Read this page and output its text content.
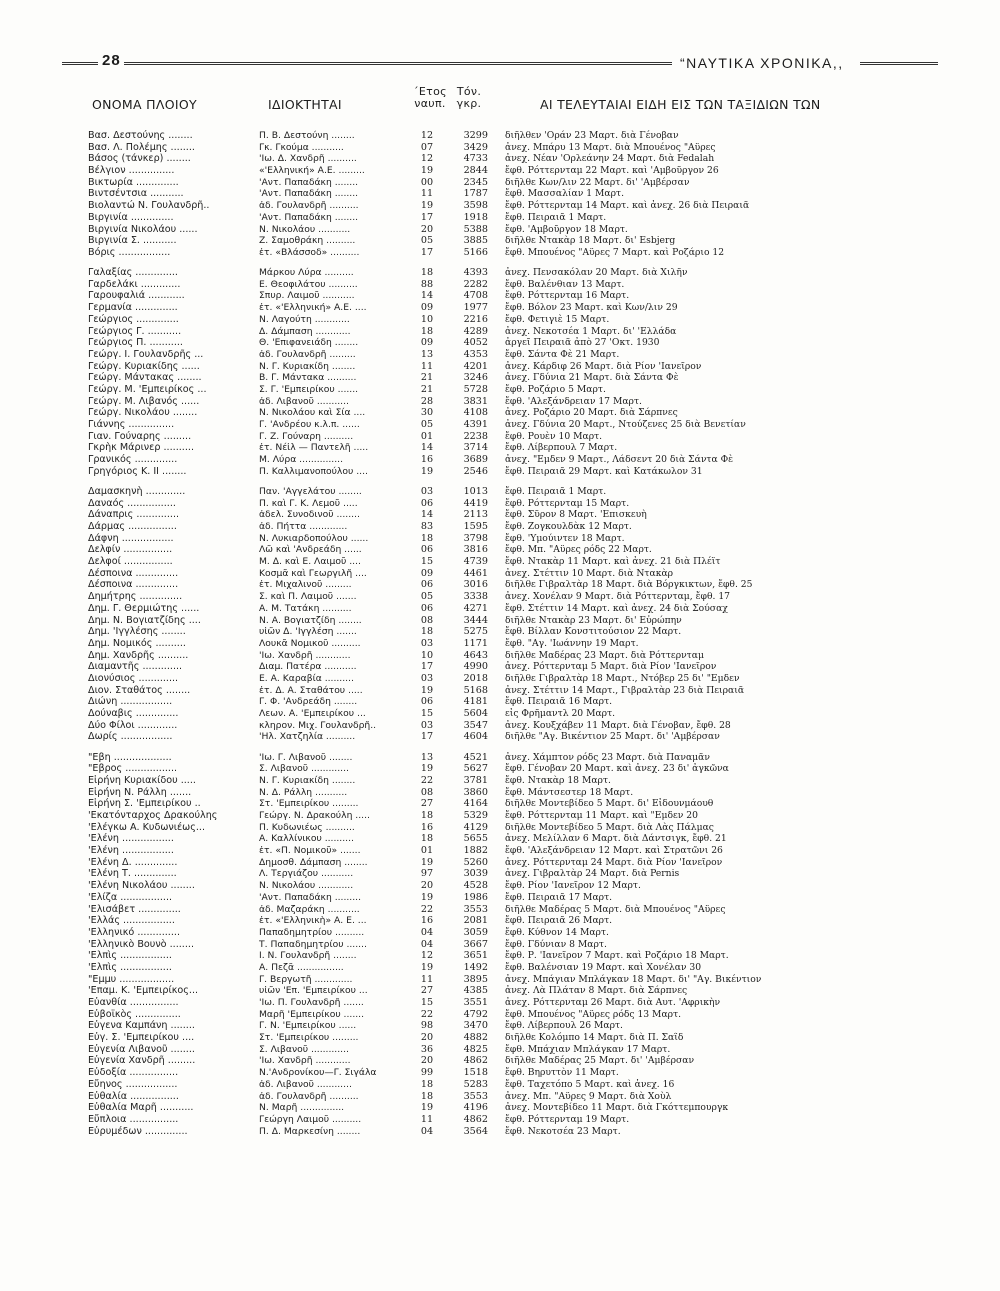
28	“ΝΑΥΤΙΚΑ ΧΡΟΝΙΚΑ,,
ΟΝΟΜΑ ΠΛΟΙΟΥ	ΙΔΙΟΚΤΗΤΑΙ
΄Ετος
ναυπ.
Τόν.
γκρ.	ΑΙ ΤΕΛΕΥΤΑΙΑΙ ΕΙΔΗ ΕΙΣ ΤΩΝ ΤΑΞΙΔΙΩΝ ΤΩΝ
Βασ. Δεστούνης ........	Π. Β. Δεστούνη ........	12	3299 διῆλθεν 'Οράν 23 Μαρτ. διὰ Γένοβαν
Βασ. Λ. Πολέμης ........	Γκ. Γκούμα ...........	07	3429 ἀνεχ. Μπάρυ 13 Μαρτ. διὰ Μπουένος "Αϋρες
Βάσος (τάνκερ) ........	'Ιω. Δ. Χανδρῆ ..........	12	4733 ἀνεχ. Νέαν 'Ορλεάνην 24 Μαρτ. διὰ Fedalah
Βέλγιον ...............	«'Ελληνική» Α.Ε. .........	19	2844 ἔφθ. Ρόττερνταμ 22 Μαρτ. καὶ 'Αμβοῦργον 26
Βικτωρία ..............	'Αντ. Παπαδάκη ........	00	2345 διῆλθε Κων/λιν 22 Μαρτ. δι' 'Αμβέρσαν
Βιντσέντσια ...........	'Αντ. Παπαδάκη ........	11	1787 ἔφθ. Μασσαλίαν 1 Μαρτ.
Βιολαντώ Ν. Γουλανδρῆ..	ἀδ. Γουλανδρῆ ..........	19	3598 ἔφθ. Ρόττερνταμ 14 Μαρτ. καὶ ἀνεχ. 26 διὰ Πειραιᾶ
Βιργινία ..............	'Αντ. Παπαδάκη ........	17	1918 ἔφθ. Πειραιᾶ 1 Μαρτ.
Βιργινία Νικολάου ......	Ν. Νικολάου ...........	20	5388 ἔφθ. 'Αμβοῦργον 18 Μαρτ.
Βιργινία Σ. ...........	Ζ. Σαμοθράκη ..........	05	3885 διῆλθε Ντακὰρ 18 Μαρτ. δι' Esbjerg
Βόρις .................	ἐτ. «Βλάσσοδ» ..........	17	5166 ἔφθ. Μπουένος "Αϋρες 7 Μαρτ. καὶ Ροζάριο 12
Γαλαξίας ..............	Μάρκου Λύρα ..........	18	4393 ἀνεχ. Πενσακόλαν 20 Μαρτ. διὰ Χιλῆν
Γαρδελάκι .............	Ε. Θεοφιλάτου ..........	88	2282 ἔφθ. Βαλένθιαν 13 Μαρτ.
Γαρουφαλιά ............	Σπυρ. Λαιμοῦ ...........	14	4708 ἔφθ. Ρόττερνταμ 16 Μαρτ.
Γερμανία ..............	ἐτ. «'Ελληνική» Α.Ε. ....	09	1977 ἔφθ. Βόλον 23 Μαρτ. καὶ Κων/λιν 29
Γεώργιος ..............	Ν. Λαγούτη ............	10	2216 ἔφθ. Φετιγιὲ 15 Μαρτ.
Γεώργιος Γ. ...........	Δ. Δάμπαση ............	18	4289 ἀνεχ. Νεκοτσέα 1 Μαρτ. δι' 'Ελλάδα
Γεώργιος Π. ...........	Θ. 'Επιφανειάδη ........	09	4052 ἀργεῖ Πειραιᾶ ἀπὸ 27 'Οκτ. 1930
Γεώργ. Ι. Γουλανδρῆς ...	ἀδ. Γουλανδρῆ .........	13	4353 ἔφθ. Σάντα Φὲ 21 Μαρτ.
Γεώργ. Κυριακίδης ......	Ν. Γ. Κυριακίδη ........	11	4201 ἀνεχ. Κάρδιφ 26 Μαρτ. διὰ Ρίον 'Ιανεῖρον
Γεώργ. Μάντακας ........	Β. Γ. Μάντακα ..........	21	3246 ἀνεχ. Γδύνια 21 Μαρτ. διὰ Σάντα Φὲ
Γεώργ. Μ. 'Εμπειρίκος ...	Σ. Γ. 'Εμπειρίκου .......	21	5728 ἔφθ. Ροζάριο 5 Μαρτ.
Γεώργ. Μ. Λιβανός ......	ἀδ. Λιβανοῦ ...........	28	3831 ἔφθ. 'Αλεξάνδρειαν 17 Μαρτ.
Γεώργ. Νικολάου ........	Ν. Νικολάου καὶ Σία ....	30	4108 ἀνεχ. Ροζάριο 20 Μαρτ. διὰ Σάρπνες
Γιάννης ...............	Γ. 'Ανδρέου κ.λ.π. ......	05	4391 ἀνεχ. Γδύνια 20 Μαρτ., Ντούζενες 25 διὰ Βενετίαν
Γιαν. Γούναρης .........	Γ. Ζ. Γούναρη ..........	01	2238 ἔφθ. Ρουὲν 10 Μαρτ.
Γκρὴκ Μάρινερ ..........	ἐτ. Νέἰλ — Παντελῆ .....	14	3714 ἔφθ. Λίβερπουλ 7 Μαρτ.
Γρανικός ..............	Μ. Λύρα ...............	16	3689 ἀνεχ. "Εμδεν 9 Μαρτ., Λάδσεντ 20 διὰ Σάντα Φὲ
Γρηγόριος Κ. ΙΙ ........	Π. Καλλιμανοπούλου ....	19	2546 ἔφθ. Πειραιᾶ 29 Μαρτ. καὶ Κατάκωλον 31
Δαμασκηνὴ .............	Παν. 'Αγγελάτου ........	03	1013 ἔφθ. Πειραιᾶ 1 Μαρτ.
Δαναός ................	Π. καὶ Γ. Κ. Λεμοῦ .....	06	4419 ἔφθ. Ρόττερνταμ 15 Μαρτ.
Δάναπρις ..............	ἀδελ. Συνοδινοῦ ........	14	2113 ἔφθ. Σῦρον 8 Μαρτ. 'Επισκευὴ
Δάρμας ................	ἀδ. Πήττα .............	83	1595 ἔφθ. Ζογκουλδὰκ 12 Μαρτ.
Δάφνη .................	Ν. Λυκιαρδοπούλου ......	18	3798 ἔφθ. 'Υμούιντεν 18 Μαρτ.
Δελφίν ................	Λῶ καὶ 'Ανδρεάδη ......	06	3816 ἔφθ. Μπ. "Αϋρες ρόδς 22 Μαρτ.
Δελφοί ................	Μ. Δ. καὶ Ε. Λαιμοῦ ....	15	4739 ἔφθ. Ντακὰρ 11 Μαρτ. καὶ ἀνεχ. 21 διὰ Πλέϊτ
Δέσποινα ..............	Κοσμᾶ καὶ Γεωργιλῆ ....	09	4461 ἀνεχ. Στέττιν 10 Μαρτ. διὰ Ντακὰρ
Δέσποινα ..............	ἐτ. Μιχαλινοῦ .........	06	3016 διῆλθε Γιβραλτὰρ 18 Μαρτ. διὰ Βόργκικτων, ἔφθ. 25
Δημήτρης ..............	Σ. καὶ Π. Λαιμοῦ .......	05	3338 ἀνεχ. Χονέλαν 9 Μαρτ. διὰ Ρόττερνταμ, ἔφθ. 17
Δημ. Γ. Θερμιώτης ......	Α. Μ. Τατάκη ..........	06	4271 ἔφθ. Στέττιν 14 Μαρτ. καὶ ἀνεχ. 24 διὰ Σούσαχ
Δημ. Ν. Βογιατζίδης ....	Ν. Α. Βογιατζίδη ........	08	3444 διῆλθε Ντακὰρ 23 Μαρτ. δι' Εὐρώπην
Δημ. 'Ιγγλέσης ........	υἱῶν Δ. 'Ιγγλέση .......	18	5275 ἔφθ. Βίλλαν Κονστιτούσιον 22 Μαρτ.
Δημ. Νομικός ..........	Λουκᾶ Νομικοῦ ..........	03	1171 ἔφθ. "Αγ. 'Ιωάννην 19 Μαρτ.
Δημ. Χανδρῆς ..........	'Ιω. Χανδρῆ ............	10	4643 διῆλθε Μαδέρας 23 Μαρτ. διὰ Ρόττερνταμ
Διαμαντῆς .............	Διαμ. Πατέρα ...........	17	4990 ἀνεχ. Ρόττερνταμ 5 Μαρτ. διὰ Ρίον 'Ιανεῖρον
Διονύσιος .............	Ε. Α. Καραβία ..........	03	2018 διῆλθε Γιβραλτὰρ 18 Μαρτ., Ντόβερ 25 δι' "Εμδεν
Διον. Σταθάτος ........	ἐτ. Δ. Α. Σταθάτου .....	19	5168 ἀνεχ. Στέττιν 14 Μαρτ., Γιβραλτὰρ 23 διὰ Πειραιᾶ
Διώνη .................	Γ. Φ. 'Ανδρεάδη ........	06	4181 ἔφθ. Πειραιᾶ 16 Μαρτ.
Δούναβις ..............	Λεων. Α. 'Εμπειρίκου ...	15	5604 εἰς Φρῆμαντλ 20 Μαρτ.
Δύο Φίλοι .............	κληρον. Μιχ. Γουλανδρῆ..	03	3547 ἀνεχ. Κουξχάβεν 11 Μαρτ. διὰ Γένοβαν, ἔφθ. 28
Δωρίς .................	'Ηλ. Χατζηλία ..........	17	4604 διῆλθε "Αγ. Βικέντιον 25 Μαρτ. δι' 'Αμβέρσαν
"Εβη ...................	'Ιω. Γ. Λιβανοῦ ........	13	4521 ἀνεχ. Χάμπτον ρόδς 23 Μαρτ. διὰ Παναμᾶν
"Εβρος .................	Σ. Λιβανοῦ .............	19	5627 ἔφθ. Γένοβαν 20 Μαρτ. καὶ ἀνεχ. 23 δι' ἀγκῶνα
Εἰρήνη Κυριακίδου .....	Ν. Γ. Κυριακίδη ........	22	3781 ἔφθ. Ντακὰρ 18 Μαρτ.
Εἰρήνη Ν. Ράλλη .......	Ν. Δ. Ράλλη ...........	08	3860 ἔφθ. Μάντσεστερ 18 Μαρτ.
Εἰρήνη Σ. 'Εμπειρίκου ..	Στ. 'Εμπειρίκου .........	27	4164 διῆλθε Μοντεβίδεο 5 Μαρτ. δι' Εἰδουνμάουθ
'Εκατόνταρχος Δρακούλης	Γεώργ. Ν. Δρακούλη .....	18	5329 ἔφθ. Ρόττερνταμ 11 Μαρτ. καὶ "Εμδεν 20
'Ελέγκω Α. Κυδωνιέως...	Π. Κυδωνιέως ..........	16	4129 διῆλθε Μοντεβίδεο 5 Μαρτ. διὰ Λὰς Πάλμας
'Ελένη .................	Α. Καλλίνικου ..........	18	5655 ἀνεχ. Μελίλλαν 6 Μαρτ. διὰ Δάντσιγκ, ἔφθ. 21
'Ελένη .................	ἐτ. «Π. Νομικοῦ» .......	01	1882 ἔφθ. 'Αλεξάνδρειαν 12 Μαρτ. καὶ Στρατῶνι 26
'Ελένη Δ. ..............	Δημοσθ. Δάμπαση ........	19	5260 ἀνεχ. Ρόττερνταμ 24 Μαρτ. διὰ Ρίον 'Ιανεῖρον
'Ελένη Τ. ..............	Λ. Τεργιάζου ...........	97	3039 ἀνεχ. Γιβραλτὰρ 24 Μαρτ. διὰ Pernis
'Ελένη Νικολάου ........	Ν. Νικολάου ............	20	4528 ἔφθ. Ρίον 'Ιανεῖρον 12 Μαρτ.
'Ελίζα .................	'Αντ. Παπαδάκη .........	19	1986 ἔφθ. Πειραιᾶ 17 Μαρτ.
'Ελισάβετ ..............	ἀδ. Μαζαράκη ...........	22	3553 διῆλθε Μαδέρας 5 Μαρτ. διὰ Μπουένος "Αϋρες
'Ελλάς .................	ἐτ. «'Ελληνικὴ» Α. Ε. ...	16	2081 ἔφθ. Πειραιᾶ 26 Μαρτ.
'Ελληνικό ..............	Παπαδημητρίου ..........	04	3059 ἔφθ. Κύθνον 14 Μαρτ.
'Ελληνικὸ Βουνὸ ........	Τ. Παπαδημητρίου .......	04	3667 ἔφθ. Γδύνιαν 8 Μαρτ.
'Ελπὶς .................	Ι. Ν. Γουλανδρῆ ........	12	3651 ἔφθ. Ρ. 'Ιανεῖρον 7 Μαρτ. καὶ Ροζάριο 18 Μαρτ.
'Ελπὶς .................	Α. Πεζᾶ ................	19	1492 ἔφθ. Βαλένσιαν 19 Μαρτ. καὶ Χονέλαν 30
"Εμμυ ..................	Γ. Βεργωτῆ .............	11	3895 ἀνεχ. Μπάγιαν Μπλάγκαν 18 Μαρτ. δι' "Αγ. Βικέντιον
'Επαμ. Κ. 'Εμπειρίκος...	υἱῶν 'Επ. 'Εμπειρίκου ...	27	4385 ἀνεχ. Λὰ Πλάταν 8 Μαρτ. διὰ Σάρπνες
Εὐανθία ................	'Ιω. Π. Γουλανδρῆ .......	15	3551 ἀνεχ. Ρόττερνταμ 26 Μαρτ. διὰ Αυτ. 'Αφρικὴν
Εὐβοϊκὸς ...............	Μαρῆ 'Εμπειρίκου .......	22	4792 ἔφθ. Μπουένος "Αϋρες ρόδς 13 Μαρτ.
Εὐγενα Καμπάνη ........	Γ. Ν. 'Εμπειρίκου ......	98	3470 ἔφθ. Λίβερπουλ 26 Μαρτ.
Εὐγ. Σ. 'Εμπειρίκου ....	Στ. 'Εμπειρίκου .........	20	4882 διῆλθε Κολόμπο 14 Μαρτ. διὰ Π. Σαΐδ
Εὐγενία Λιβανοῦ ........	Σ. Λιβανοῦ .............	36	4825 ἔφθ. Μπάχιαν Μπλάγκαν 17 Μαρτ.
Εὐγενία Χανδρῆ .........	'Ιω. Χανδρῆ ............	20	4862 διῆλθε Μαδέρας 25 Μαρτ. δι' 'Αμβέρσαν
Εὐδοξία ................	Ν.'Ανδρονίκου—Γ. Σιγάλα	99	1518 ἔφθ. Βηρυττὸν 11 Μαρτ.
Εὔηνος .................	ἀδ. Λιβανοῦ ............	18	5283 ἔφθ. Ταχετόπο 5 Μαρτ. καὶ ἀνεχ. 16
Εὐθαλία ................	ἀδ. Γουλανδρῆ ..........	18	3553 ἀνεχ. Μπ. "Αϋρες 9 Μαρτ. διὰ Χοὺλ
Εὐθαλία Μαρῆ ...........	Ν. Μαρῆ ...............	19	4196 ἀνεχ. Μοντεβίδεο 11 Μαρτ. διὰ Γκόττεμπουργκ
Εὔπλοια ................	Γεώργη Λαιμοῦ ..........	11	4862 ἔφθ. Ρόττερνταμ 19 Μαρτ.
Εὐρυμέδων ..............	Π. Δ. Μαρκεσίνη ........	04	3564 ἔφθ. Νεκοτσέα 23 Μαρτ.
